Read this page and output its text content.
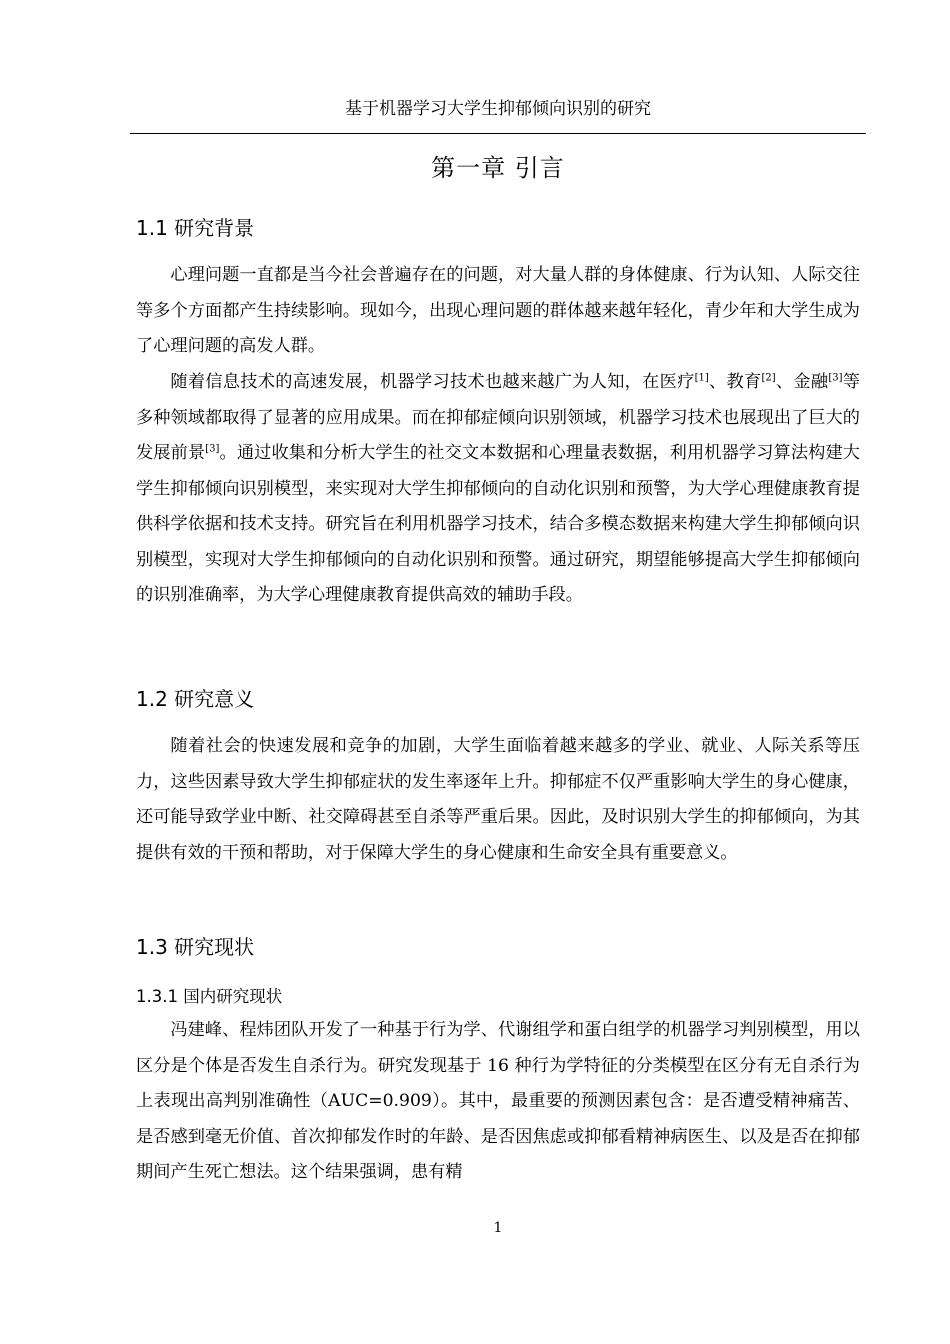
基于机器学习大学生抑郁倾向识别的研究
第一章 引言
1.1 研究背景

心理问题一直都是当今社会普遍存在的问题，对大量人群的身体健康、行为认知、人际交往等多个方面都产生持续影响。现如今，出现心理问题的群体越来越年轻化，青少年和大学生成为了心理问题的高发人群。

随着信息技术的高速发展，机器学习技术也越来越广为人知，在医疗[1]、教育[2]、金融[3]等多种领域都取得了显著的应用成果。而在抑郁症倾向识别领域，机器学习技术也展现出了巨大的发展前景[3]。通过收集和分析大学生的社交文本数据和心理量表数据，利用机器学习算法构建大学生抑郁倾向识别模型，来实现对大学生抑郁倾向的自动化识别和预警，为大学心理健康教育提供科学依据和技术支持。研究旨在利用机器学习技术，结合多模态数据来构建大学生抑郁倾向识别模型，实现对大学生抑郁倾向的自动化识别和预警。通过研究，期望能够提高大学生抑郁倾向的识别准确率，为大学心理健康教育提供高效的辅助手段。

1.2 研究意义

随着社会的快速发展和竞争的加剧，大学生面临着越来越多的学业、就业、人际关系等压力，这些因素导致大学生抑郁症状的发生率逐年上升。抑郁症不仅严重影响大学生的身心健康，还可能导致学业中断、社交障碍甚至自杀等严重后果。因此，及时识别大学生的抑郁倾向，为其提供有效的干预和帮助，对于保障大学生的身心健康和生命安全具有重要意义。

1.3 研究现状
1.3.1 国内研究现状

冯建峰、程炜团队开发了一种基于行为学、代谢组学和蛋白组学的机器学习判别模型，用以区分是个体是否发生自杀行为。研究发现基于 16 种行为学特征的分类模型在区分有无自杀行为上表现出高判别准确性（AUC=0.909）。其中，最重要的预测因素包含：是否遭受精神痛苦、是否感到毫无价值、首次抑郁发作时的年龄、是否因焦虑或抑郁看精神病医生、以及是否在抑郁期间产生死亡想法。这个结果强调，患有精

1
